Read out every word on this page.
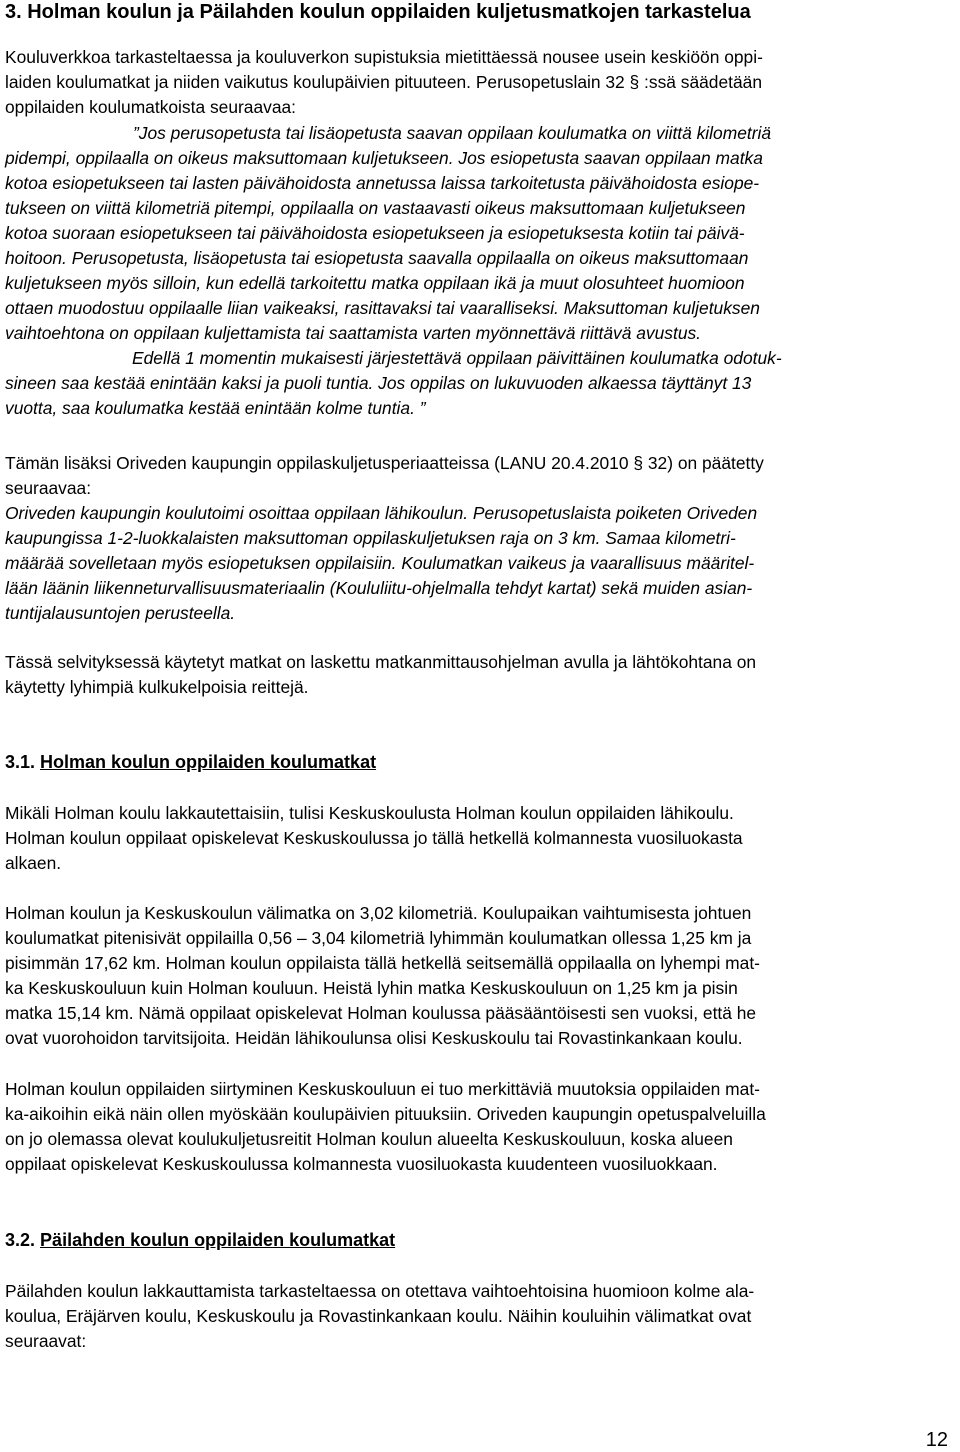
3. Holman koulun ja Päilahden koulun oppilaiden kuljetusmatkojen tarkastelua

Kouluverkkoa tarkasteltaessa ja kouluverkon supistuksia mietittäessä nousee usein keskiöön oppi-
laiden koulumatkat ja niiden vaikutus koulupäivien pituuteen. Perusopetuslain 32 § :ssä säädetään
oppilaiden koulumatkoista seuraavaa:

”Jos perusopetusta tai lisäopetusta saavan oppilaan koulumatka on viittä kilometriä
pidempi, oppilaalla on oikeus maksuttomaan kuljetukseen. Jos esiopetusta saavan oppilaan matka
kotoa esiopetukseen tai lasten päivähoidosta annetussa laissa tarkoitetusta päivähoidosta esiope-
tukseen on viittä kilometriä pitempi, oppilaalla on vastaavasti oikeus maksuttomaan kuljetukseen
kotoa suoraan esiopetukseen tai päivähoidosta esiopetukseen ja esiopetuksesta kotiin tai päivä-
hoitoon. Perusopetusta, lisäopetusta tai esiopetusta saavalla oppilaalla on oikeus maksuttomaan
kuljetukseen myös silloin, kun edellä tarkoitettu matka oppilaan ikä ja muut olosuhteet huomioon
ottaen muodostuu oppilaalle liian vaikeaksi, rasittavaksi tai vaaralliseksi. Maksuttoman kuljetuksen
vaihtoehtona on oppilaan kuljettamista tai saattamista varten myönnettävä riittävä avustus.
Edellä 1 momentin mukaisesti järjestettävä oppilaan päivittäinen koulumatka odotuk-
sineen saa kestää enintään kaksi ja puoli tuntia. Jos oppilas on lukuvuoden alkaessa täyttänyt 13
vuotta, saa koulumatka kestää enintään kolme tuntia. ”

Tämän lisäksi Oriveden kaupungin oppilaskuljetusperiaatteissa (LANU 20.4.2010 § 32) on päätetty
seuraavaa:
Oriveden kaupungin koulutoimi osoittaa oppilaan lähikoulun. Perusopetuslaista poiketen Oriveden
kaupungissa 1-2-luokkalaisten maksuttoman oppilaskuljetuksen raja on 3 km. Samaa kilometri-
määrää sovelletaan myös esiopetuksen oppilaisiin. Koulumatkan vaikeus ja vaarallisuus määritel-
lään läänin liikenneturvallisuusmateriaalin (Koululiitu-ohjelmalla tehdyt kartat) sekä muiden asian-
tuntijalausuntojen perusteella.

Tässä selvityksessä käytetyt matkat on laskettu matkanmittausohjelman avulla ja lähtökohtana on
käytetty lyhimpiä kulkukelpoisia reittejä.

3.1. Holman koulun oppilaiden koulumatkat

Mikäli Holman koulu lakkautettaisiin, tulisi Keskuskoulusta Holman koulun oppilaiden lähikoulu.
Holman koulun oppilaat opiskelevat Keskuskoulussa jo tällä hetkellä kolmannesta vuosiluokasta
alkaen.

Holman koulun ja Keskuskoulun välimatka on 3,02 kilometriä. Koulupaikan vaihtumisesta johtuen
koulumatkat pitenisivät oppilailla 0,56 – 3,04 kilometriä lyhimmän koulumatkan ollessa 1,25 km ja
pisimmän 17,62 km. Holman koulun oppilaista tällä hetkellä seitsemällä oppilaalla on lyhempi mat-
ka Keskuskouluun kuin Holman kouluun. Heistä lyhin matka Keskuskouluun on 1,25 km ja pisin
matka 15,14 km. Nämä oppilaat opiskelevat Holman koulussa pääsääntöisesti sen vuoksi, että he
ovat vuorohoidon tarvitsijoita. Heidän lähikoulunsa olisi Keskuskoulu tai Rovastinkankaan koulu.

Holman koulun oppilaiden siirtyminen Keskuskouluun ei tuo merkittäviä muutoksia oppilaiden mat-
ka-aikoihin eikä näin ollen myöskään koulupäivien pituuksiin. Oriveden kaupungin opetuspalveluilla
on jo olemassa olevat koulukuljetusreitit Holman koulun alueelta Keskuskouluun, koska alueen
oppilaat opiskelevat Keskuskoulussa kolmannesta vuosiluokasta kuudenteen vuosiluokkaan.

3.2. Päilahden koulun oppilaiden koulumatkat

Päilahden koulun lakkauttamista tarkasteltaessa on otettava vaihtoehtoisina huomioon kolme ala-
koulua, Eräjärven koulu, Keskuskoulu ja Rovastinkankaan koulu. Näihin kouluihin välimatkat ovat
seuraavat:

12
